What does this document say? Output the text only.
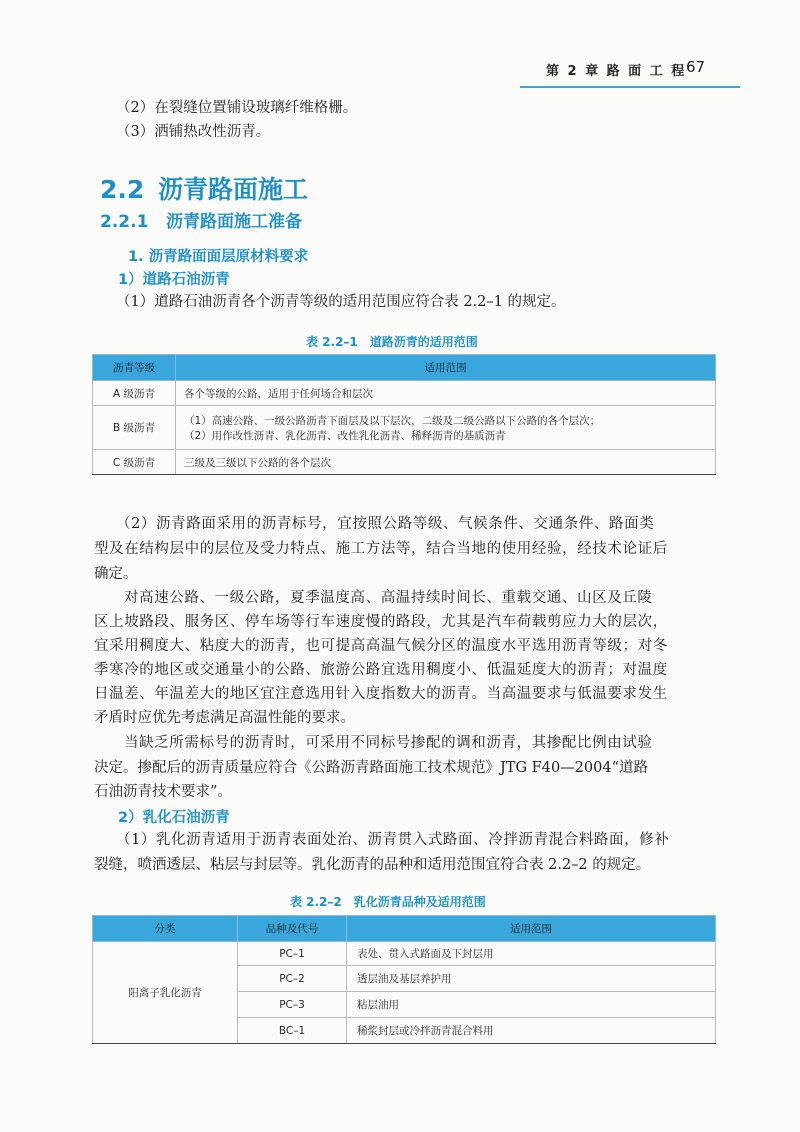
第 2 章 路 面 工 程 67
（2）在裂缝位置铺设玻璃纤维格栅。
（3）洒铺热改性沥青。
2.2 沥青路面施工
2.2.1 沥青路面施工准备
1. 沥青路面面层原材料要求
1）道路石油沥青
（1）道路石油沥青各个沥青等级的适用范围应符合表 2.2–1 的规定。
表 2.2–1 道路沥青的适用范围
沥青等级	适用范围
A 级沥青	各个等级的公路，适用于任何场合和层次
B 级沥青	（1）高速公路、一级公路沥青下面层及以下层次，二级及二级公路以下公路的各个层次；
（2）用作改性沥青、乳化沥青、改性乳化沥青、稀释沥青的基质沥青

C 级沥青	三级及三级以下公路的各个层次
（2）沥青路面采用的沥青标号，宜按照公路等级、气候条件、交通条件、路面类
型及在结构层中的层位及受力特点、施工方法等，结合当地的使用经验，经技术论证后
确定。
对高速公路、一级公路，夏季温度高、高温持续时间长、重载交通、山区及丘陵
区上坡路段、服务区、停车场等行车速度慢的路段，尤其是汽车荷载剪应力大的层次，
宜采用稠度大、粘度大的沥青，也可提高高温气候分区的温度水平选用沥青等级；对冬
季寒冷的地区或交通量小的公路、旅游公路宜选用稠度小、低温延度大的沥青；对温度
日温差、年温差大的地区宜注意选用针入度指数大的沥青。当高温要求与低温要求发生
矛盾时应优先考虑满足高温性能的要求。
当缺乏所需标号的沥青时，可采用不同标号掺配的调和沥青，其掺配比例由试验
决定。掺配后的沥青质量应符合《公路沥青路面施工技术规范》JTG F40—2004“道路
石油沥青技术要求”。
2）乳化石油沥青
（1）乳化沥青适用于沥青表面处治、沥青贯入式路面、冷拌沥青混合料路面，修补
裂缝，喷洒透层、粘层与封层等。乳化沥青的品种和适用范围宜符合表 2.2–2 的规定。
表 2.2–2 乳化沥青品种及适用范围
分类	品种及代号	适用范围
阳离子乳化沥青	PC–1	表处、贯入式路面及下封层用
	PC–2	透层油及基层养护用
	PC–3	粘层油用
	BC–1	稀浆封层或冷拌沥青混合料用
